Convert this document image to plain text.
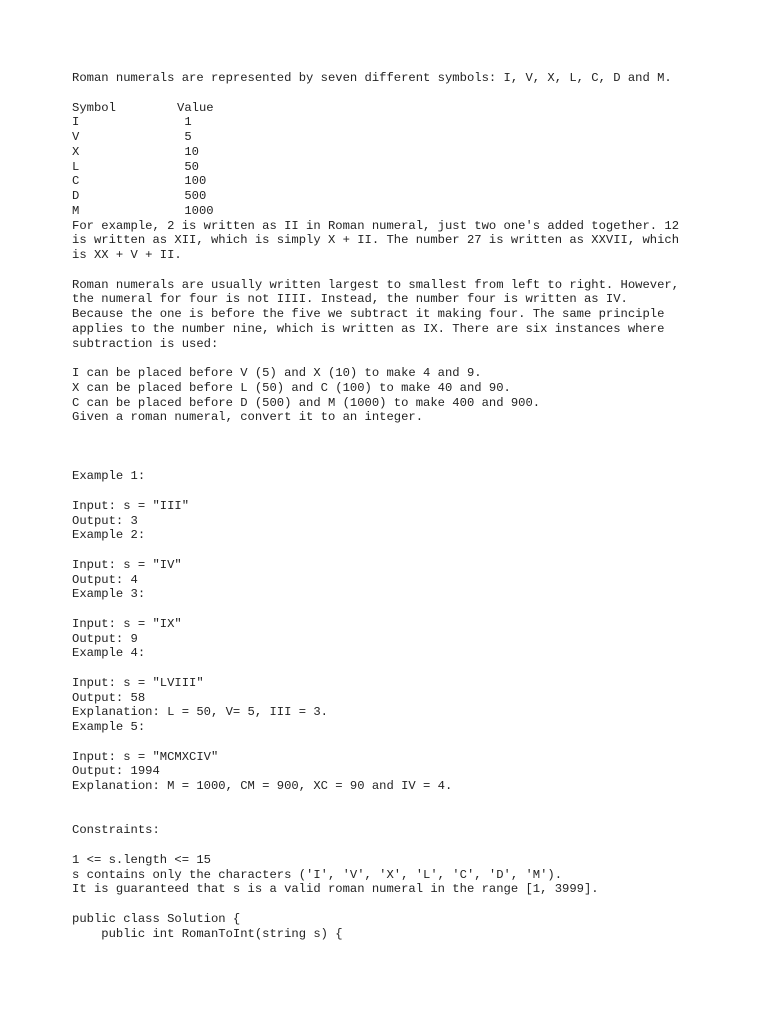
Roman numerals are represented by seven different symbols: I, V, X, L, C, D and M.
Symbol	Value
I	1
V	5
X	10
L	50
C	100
D	500
M	1000
For example, 2 is written as II in Roman numeral, just two one's added together. 12
is written as XII, which is simply X + II. The number 27 is written as XXVII, which
is XX + V + II.
Roman numerals are usually written largest to smallest from left to right. However,
the numeral for four is not IIII. Instead, the number four is written as IV.
Because the one is before the five we subtract it making four. The same principle
applies to the number nine, which is written as IX. There are six instances where
subtraction is used:
I can be placed before V (5) and X (10) to make 4 and 9.
X can be placed before L (50) and C (100) to make 40 and 90.
C can be placed before D (500) and M (1000) to make 400 and 900.
Given a roman numeral, convert it to an integer.
Example 1:
Input: s = "III"
Output: 3
Example 2:
Input: s = "IV"
Output: 4
Example 3:
Input: s = "IX"
Output: 9
Example 4:
Input: s = "LVIII"
Output: 58
Explanation: L = 50, V= 5, III = 3.
Example 5:
Input: s = "MCMXCIV"
Output: 1994
Explanation: M = 1000, CM = 900, XC = 90 and IV = 4.
Constraints:
1 <= s.length <= 15
s contains only the characters ('I', 'V', 'X', 'L', 'C', 'D', 'M').
It is guaranteed that s is a valid roman numeral in the range [1, 3999].
public class Solution {
public int RomanToInt(string s) {
